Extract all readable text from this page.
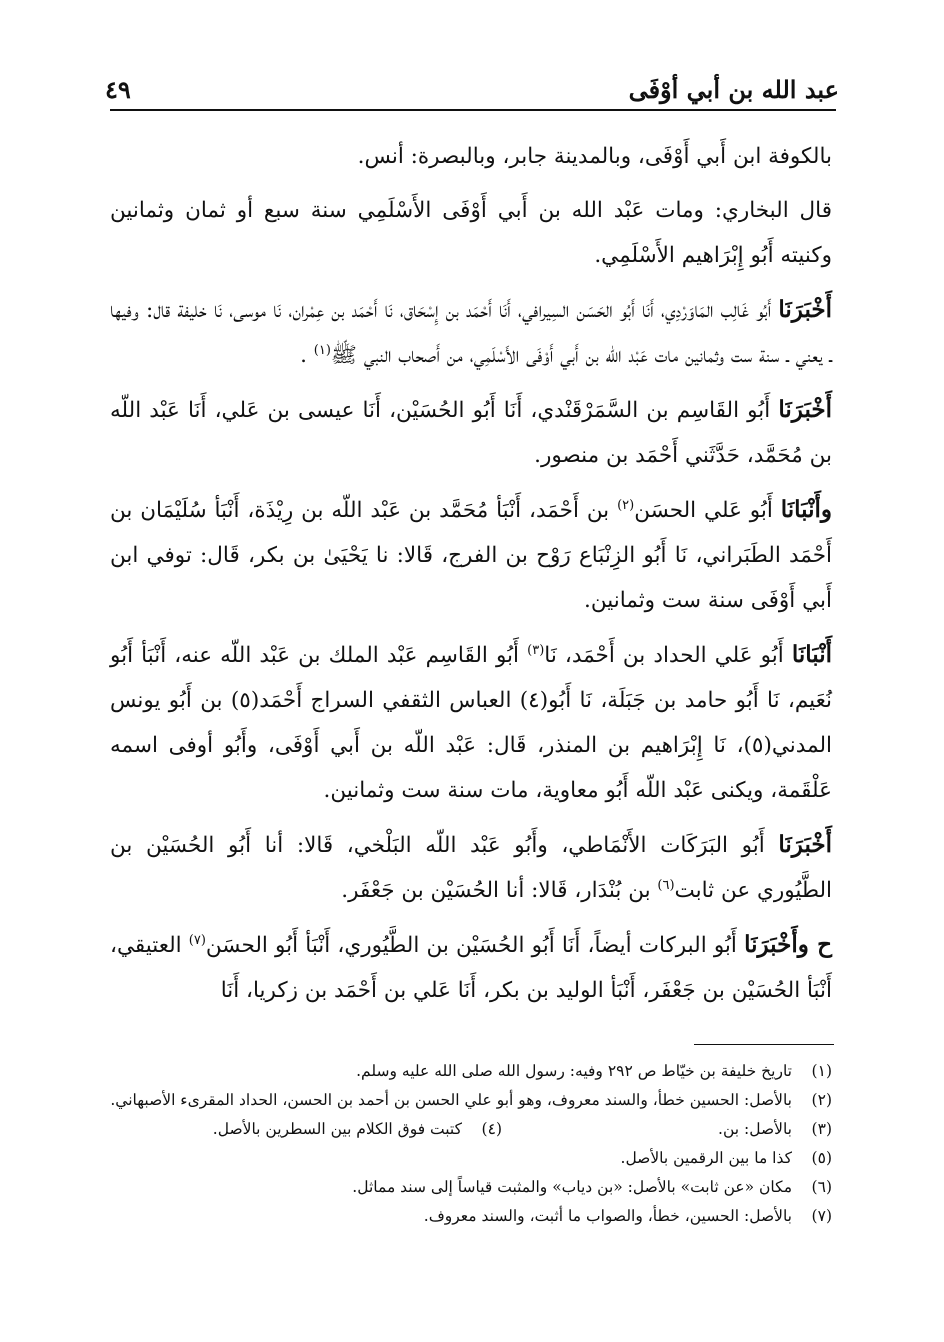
عبد الله بن أبي أوْفَى
٤٩

بالكوفة ابن أَبي أَوْفَى، وبالمدينة جابر، وبالبصرة: أنس.

قال البخاري: ومات عَبْد الله بن أَبي أَوْفَى الأَسْلَمِي سنة سبع أو ثمان وثمانين وكنيته أَبُو إِبْرَاهيم الأَسْلَمِي.

أَخْبَرَنَا أَبُو غَالِب المَاوَرْدِي، أَنَا أَبُو الحَسَن السِيرافي، أَنَا أَحْمَد بن إِسْحَاق، نَا أَحْمَد بن عِمْران، نَا موسى، نَا خليفة قال: وفيها ـ يعني ـ سنة ست وثمانين مات عَبْد اللّه بن أَبي أَوْفَى الأَسْلَمِي، من أَصحاب النبي ﷺ$^{(١)}$ .

أَخْبَرَنَا أَبُو القَاسِم بن السَّمَرْقَنْدي، أَنَا أَبُو الحُسَيْن، أَنَا عيسى بن عَلي، أَنَا عَبْد اللّه بن مُحَمَّد، حَدَّثَني أَحْمَد بن منصور.

وأَنْبَانَا أَبُو عَلي الحسَن$^{(٢)}$ بن أَحْمَد، أَنْبَأ مُحَمَّد بن عَبْد اللّه بن رِيْذَة، أَنْبَأ سُلَيْمَان بن أَحْمَد الطَبَراني، نَا أَبُو الزِنْبَاع رَوْح بن الفرج، قَالا: نا يَحْيَىٰ بن بكر، قَال: توفي ابن أَبي أَوْفَى سنة ست وثمانين.

أَنْبَانَا أَبُو عَلي الحداد بن أَحْمَد، نَا$^{(٣)}$ أَبُو القَاسِم عَبْد الملك بن عَبْد اللّه عنه، أَنْبَأ أَبُو نُعَيم، نَا أَبُو حامد بن جَبَلَة، نَا أَبُو(٤) العباس الثقفي السراج أَحْمَد(٥) بن أَبُو يونس المدني(٥)، نَا إِبْرَاهيم بن المنذر، قَال: عَبْد اللّه بن أَبي أَوْفَى، وأَبُو أوفى اسمه عَلْقَمة، ويكنى عَبْد اللّه أَبُو معاوية، مات سنة ست وثمانين.

أَخْبَرَنَا أَبُو البَرَكَات الأَنْمَاطي، وأَبُو عَبْد اللّه البَلْخي، قَالا: أنا أَبُو الحُسَيْن بن الطَّيُوري عن ثابت$^{(٦)}$ بن بُنْدَار، قَالا: أنا الحُسَيْن بن جَعْفَر.

ح وأَخْبَرَنَا أَبُو البركات أيضاً، أَنَا أَبُو الحُسَيْن بن الطَّيُوري، أَنْبَأ أَبُو الحسَن$^{(٧)}$ العتيقي، أَنْبَأ الحُسَيْن بن جَعْفَر، أَنْبَأ الوليد بن بكر، أَنَا عَلي بن أَحْمَد بن زكريا، أَنَا

(١)
تاريخ خليفة بن خيّاط ص ٢٩٢ وفيه: رسول الله صلى الله عليه وسلم.
(٢)
بالأصل: الحسين خطأ، والسند معروف، وهو أبو علي الحسن بن أحمد بن الحسن، الحداد المقرىء الأصبهاني.
(٣)
بالأصل: بن.
(٤)
كتبت فوق الكلام بين السطرين بالأصل.
(٥)
كذا ما بين الرقمين بالأصل.
(٦)
مكان «عن ثابت» بالأصل: «بن دياب» والمثبت قياساً إلى سند مماثل.
(٧)
بالأصل: الحسين، خطأ، والصواب ما أثبت، والسند معروف.
